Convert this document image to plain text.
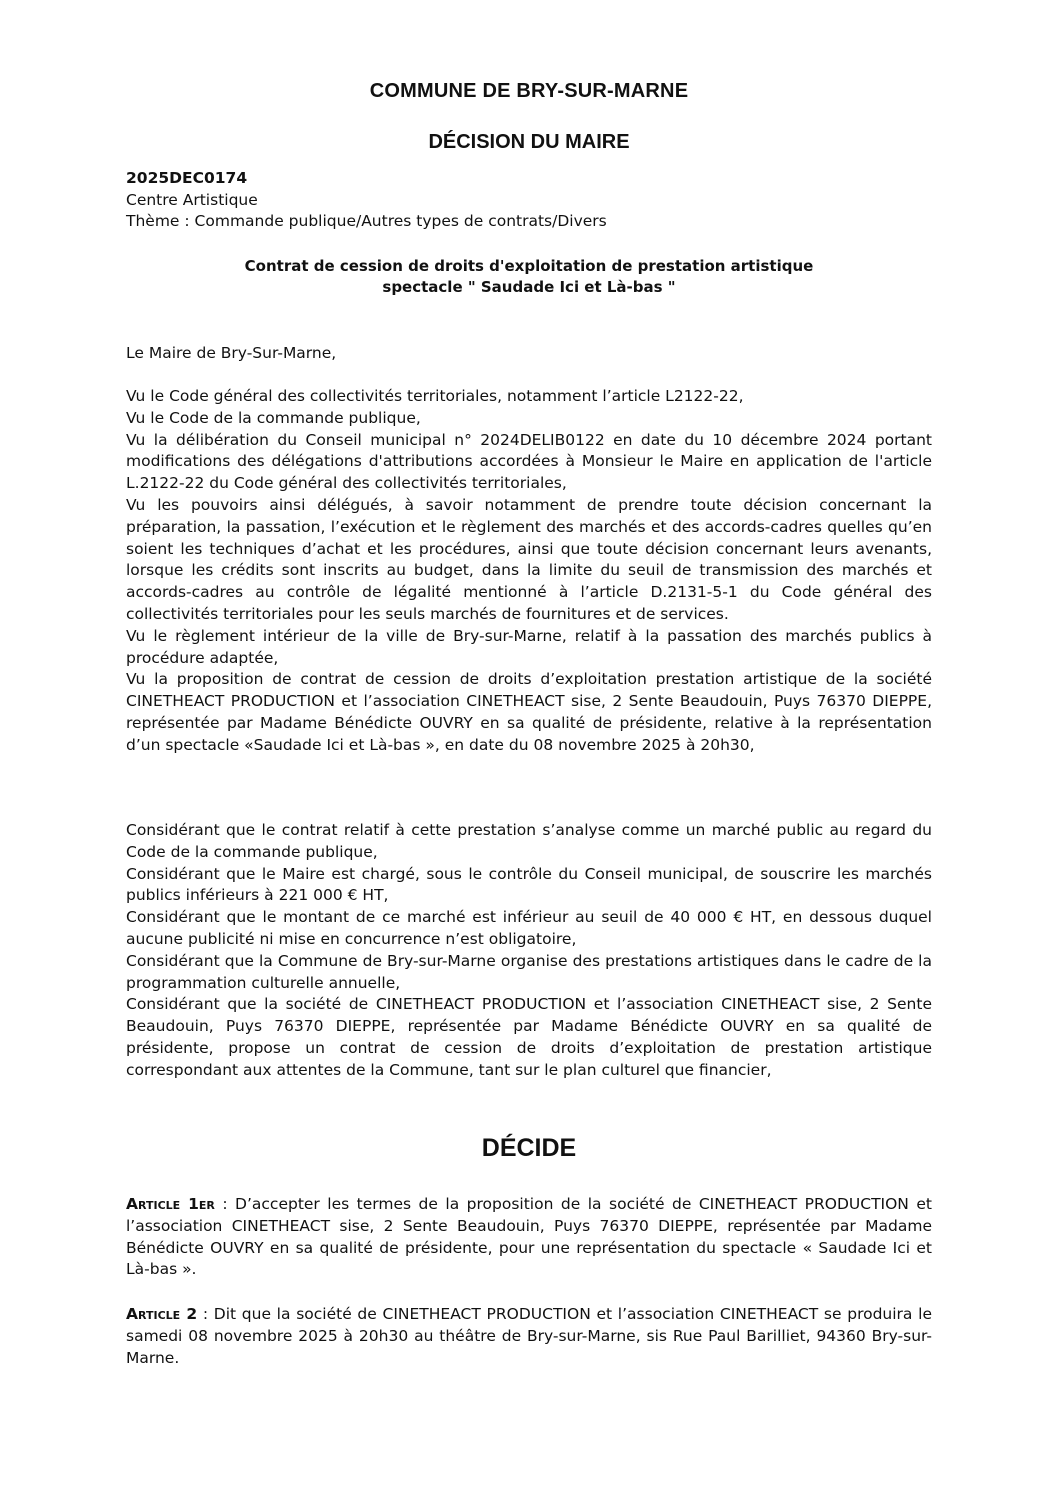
COMMUNE DE BRY-SUR-MARNE
DÉCISION DU MAIRE
2025DEC0174
Centre Artistique
Thème : Commande publique/Autres types de contrats/Divers
Contrat de cession de droits d'exploitation de prestation artistique
spectacle " Saudade Ici et Là-bas "
Le Maire de Bry-Sur-Marne,

Vu le Code général des collectivités territoriales, notamment l’article L2122-22,

Vu le Code de la commande publique,

Vu la délibération du Conseil municipal n° 2024DELIB0122 en date du 10 décembre 2024 portant modifications des délégations d'attributions accordées à Monsieur le Maire en application de l'article L.2122-22 du Code général des collectivités territoriales,

Vu les pouvoirs ainsi délégués, à savoir notamment de prendre toute décision concernant la préparation, la passation, l’exécution et le règlement des marchés et des accords-cadres quelles qu’en soient les techniques d’achat et les procédures, ainsi que toute décision concernant leurs avenants, lorsque les crédits sont inscrits au budget, dans la limite du seuil de transmission des marchés et accords-cadres au contrôle de légalité mentionné à l’article D.2131-5-1 du Code général des collectivités territoriales pour les seuls marchés de fournitures et de services.

Vu le règlement intérieur de la ville de Bry-sur-Marne, relatif à la passation des marchés publics à procédure adaptée,

Vu la proposition de contrat de cession de droits d’exploitation prestation artistique de la société CINETHEACT PRODUCTION et l’association CINETHEACT sise, 2 Sente Beaudouin, Puys 76370 DIEPPE, représentée par Madame Bénédicte OUVRY en sa qualité de présidente, relative à la représentation d’un spectacle «Saudade Ici et Là-bas », en date du 08 novembre 2025 à 20h30,

Considérant que le contrat relatif à cette prestation s’analyse comme un marché public au regard du Code de la commande publique,

Considérant que le Maire est chargé, sous le contrôle du Conseil municipal, de souscrire les marchés publics inférieurs à 221 000 € HT,

Considérant que le montant de ce marché est inférieur au seuil de 40 000 € HT, en dessous duquel aucune publicité ni mise en concurrence n’est obligatoire,

Considérant que la Commune de Bry-sur-Marne organise des prestations artistiques dans le cadre de la programmation culturelle annuelle,

Considérant que la société de CINETHEACT PRODUCTION et l’association CINETHEACT sise, 2 Sente Beaudouin, Puys 76370 DIEPPE, représentée par Madame Bénédicte OUVRY en sa qualité de présidente, propose un contrat de cession de droits d’exploitation de prestation artistique correspondant aux attentes de la Commune, tant sur le plan culturel que financier,

DÉCIDE

Article 1er : D’accepter les termes de la proposition de la société de CINETHEACT PRODUCTION et l’association CINETHEACT sise, 2 Sente Beaudouin, Puys 76370 DIEPPE, représentée par Madame Bénédicte OUVRY en sa qualité de présidente, pour une représentation du spectacle « Saudade Ici et Là-bas ».

Article 2 : Dit que la société de CINETHEACT PRODUCTION et l’association CINETHEACT se produira le samedi 08 novembre 2025 à 20h30 au théâtre de Bry-sur-Marne, sis Rue Paul Barilliet, 94360 Bry-sur-Marne.
